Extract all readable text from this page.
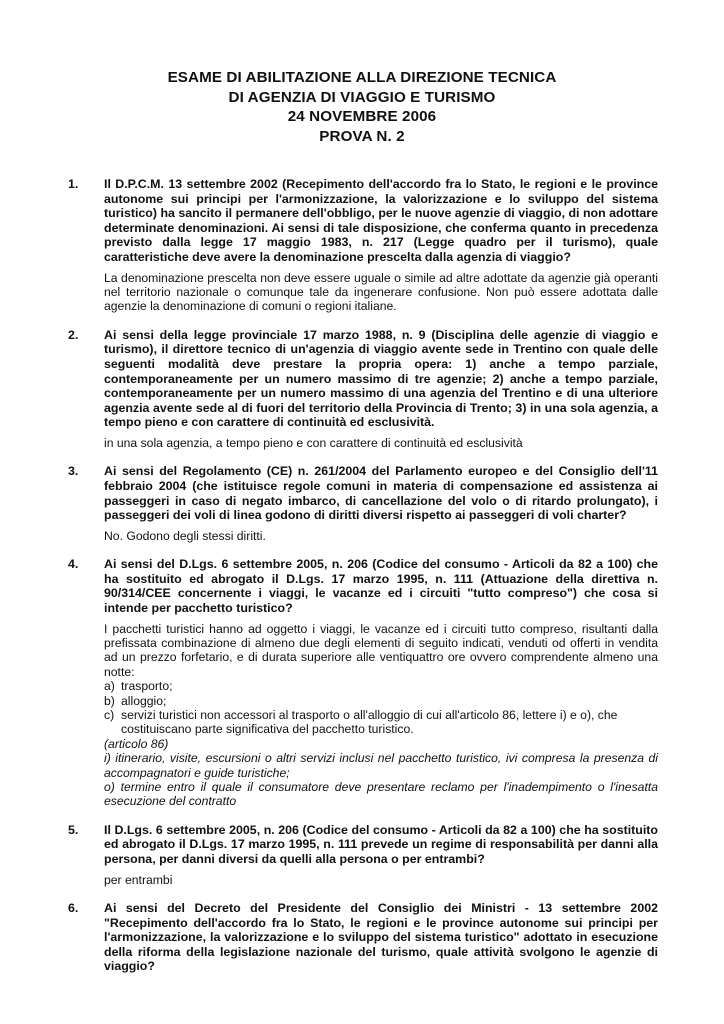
ESAME DI ABILITAZIONE ALLA DIREZIONE TECNICA
DI AGENZIA DI VIAGGIO E TURISMO
24 NOVEMBRE 2006
PROVA N. 2
1. Il D.P.C.M. 13 settembre 2002 (Recepimento dell'accordo fra lo Stato, le regioni e le province autonome sui principi per l'armonizzazione, la valorizzazione e lo sviluppo del sistema turistico) ha sancito il permanere dell'obbligo, per le nuove agenzie di viaggio, di non adottare determinate denominazioni. Ai sensi di tale disposizione, che conferma quanto in precedenza previsto dalla legge 17 maggio 1983, n. 217 (Legge quadro per il turismo), quale caratteristiche deve avere la denominazione prescelta dalla agenzia di viaggio?

La denominazione prescelta non deve essere uguale o simile ad altre adottate da agenzie già operanti nel territorio nazionale o comunque tale da ingenerare confusione. Non può essere adottata dalle agenzie la denominazione di comuni o regioni italiane.

2. Ai sensi della legge provinciale 17 marzo 1988, n. 9 (Disciplina delle agenzie di viaggio e turismo), il direttore tecnico di un'agenzia di viaggio avente sede in Trentino con quale delle seguenti modalità deve prestare la propria opera: 1) anche a tempo parziale, contemporaneamente per un numero massimo di tre agenzie; 2) anche a tempo parziale, contemporaneamente per un numero massimo di una agenzia del Trentino e di una ulteriore agenzia avente sede al di fuori del territorio della Provincia di Trento; 3) in una sola agenzia, a tempo pieno e con carattere di continuità ed esclusività.

in una sola agenzia, a tempo pieno e con carattere di continuità ed esclusività

3. Ai sensi del Regolamento (CE) n. 261/2004 del Parlamento europeo e del Consiglio dell'11 febbraio 2004 (che istituisce regole comuni in materia di compensazione ed assistenza ai passeggeri in caso di negato imbarco, di cancellazione del volo o di ritardo prolungato), i passeggeri dei voli di linea godono di diritti diversi rispetto ai passeggeri di voli charter?

No. Godono degli stessi diritti.

4. Ai sensi del D.Lgs. 6 settembre 2005, n. 206 (Codice del consumo - Articoli da 82 a 100) che ha sostituito ed abrogato il D.Lgs. 17 marzo 1995, n. 111 (Attuazione della direttiva n. 90/314/CEE concernente i viaggi, le vacanze ed i circuiti "tutto compreso") che cosa si intende per pacchetto turistico?

I pacchetti turistici hanno ad oggetto i viaggi, le vacanze ed i circuiti tutto compreso, risultanti dalla prefissata combinazione di almeno due degli elementi di seguito indicati, venduti od offerti in vendita ad un prezzo forfetario, e di durata superiore alle ventiquattro ore ovvero comprendente almeno una notte:

a) trasporto;
b) alloggio;
c) servizi turistici non accessori al trasporto o all'alloggio di cui all'articolo 86, lettere i) e o), che costituiscano parte significativa del pacchetto turistico.

(articolo 86)

i) itinerario, visite, escursioni o altri servizi inclusi nel pacchetto turistico, ivi compresa la presenza di accompagnatori e guide turistiche;

o) termine entro il quale il consumatore deve presentare reclamo per l'inadempimento o l'inesatta esecuzione del contratto

5. Il D.Lgs. 6 settembre 2005, n. 206 (Codice del consumo - Articoli da 82 a 100) che ha sostituito ed abrogato il D.Lgs. 17 marzo 1995, n. 111 prevede un regime di responsabilità per danni alla persona, per danni diversi da quelli alla persona o per entrambi?

per entrambi

6. Ai sensi del Decreto del Presidente del Consiglio dei Ministri - 13 settembre 2002 "Recepimento dell'accordo fra lo Stato, le regioni e le province autonome sui principi per l'armonizzazione, la valorizzazione e lo sviluppo del sistema turistico" adottato in esecuzione della riforma della legislazione nazionale del turismo, quale attività svolgono le agenzie di viaggio?
